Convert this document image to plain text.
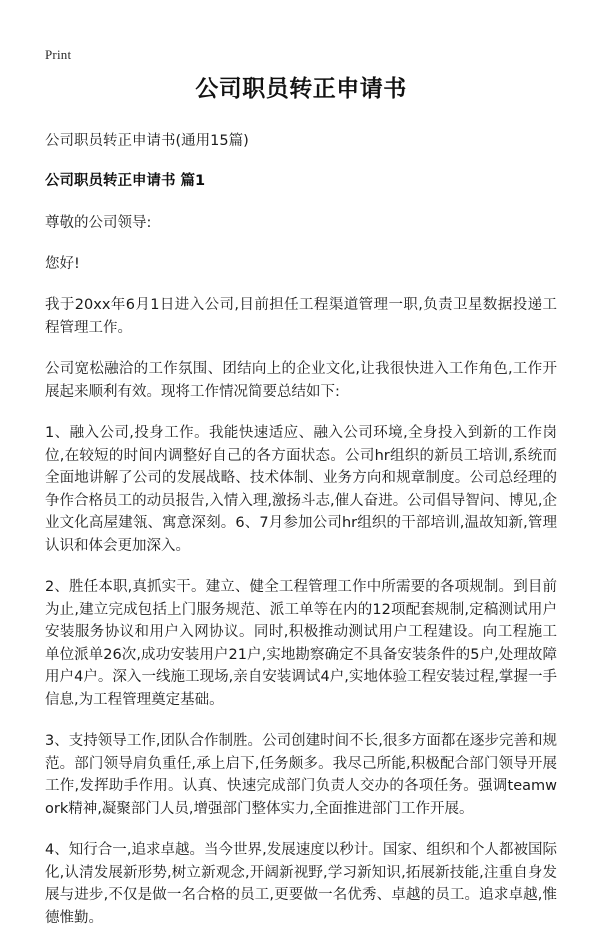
Print
公司职员转正申请书

公司职员转正申请书(通用15篇)

公司职员转正申请书 篇1

尊敬的公司领导:

您好!

我于20xx年6月1日进入公司,目前担任工程渠道管理一职,负责卫星数据投递工程管理工作。

公司宽松融洽的工作氛围、团结向上的企业文化,让我很快进入工作角色,工作开展起来顺利有效。现将工作情况简要总结如下:

1、融入公司,投身工作。我能快速适应、融入公司环境,全身投入到新的工作岗位,在较短的时间内调整好自己的各方面状态。公司hr组织的新员工培训,系统而全面地讲解了公司的发展战略、技术体制、业务方向和规章制度。公司总经理的争作合格员工的动员报告,入情入理,激扬斗志,催人奋进。公司倡导智问、博见,企业文化高屋建瓴、寓意深刻。6、7月参加公司hr组织的干部培训,温故知新,管理认识和体会更加深入。

2、胜任本职,真抓实干。建立、健全工程管理工作中所需要的各项规制。到目前为止,建立完成包括上门服务规范、派工单等在内的12项配套规制,定稿测试用户安装服务协议和用户入网协议。同时,积极推动测试用户工程建设。向工程施工单位派单26次,成功安装用户21户,实地勘察确定不具备安装条件的5户,处理故障用户4户。深入一线施工现场,亲自安装调试4户,实地体验工程安装过程,掌握一手信息,为工程管理奠定基础。

3、支持领导工作,团队合作制胜。公司创建时间不长,很多方面都在逐步完善和规范。部门领导肩负重任,承上启下,任务颇多。我尽己所能,积极配合部门领导开展工作,发挥助手作用。认真、快速完成部门负责人交办的各项任务。强调teamwork精神,凝聚部门人员,增强部门整体实力,全面推进部门工作开展。

4、知行合一,追求卓越。当今世界,发展速度以秒计。国家、组织和个人都被国际化,认清发展新形势,树立新观念,开阔新视野,学习新知识,拓展新技能,注重自身发展与进步,不仅是做一名合格的员工,更要做一名优秀、卓越的员工。追求卓越,惟德惟勤。
